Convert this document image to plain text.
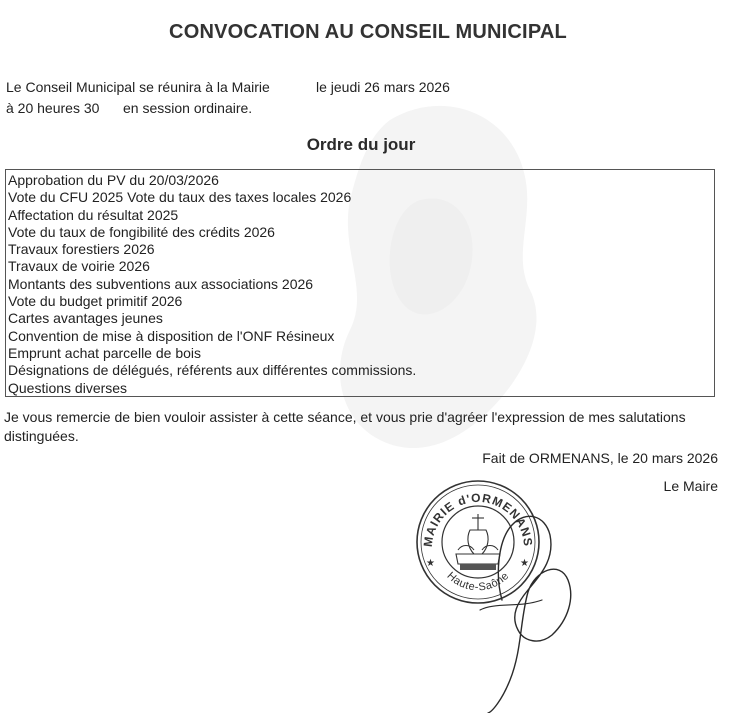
CONVOCATION AU CONSEIL MUNICIPAL
Le Conseil Municipal se réunira à la Mairie	le jeudi 26 mars 2026
à 20 heures 30 en session ordinaire.
Ordre du jour
Approbation du PV du 20/03/2026
Vote du CFU 2025 Vote du taux des taxes locales 2026
Affectation du résultat 2025
Vote du taux de fongibilité des crédits 2026
Travaux forestiers 2026
Travaux de voirie 2026
Montants des subventions aux associations 2026
Vote du budget primitif 2026
Cartes avantages jeunes
Convention de mise à disposition de l'ONF Résineux
Emprunt achat parcelle de bois
Désignations de délégués, référents aux différentes commissions.
Questions diverses
Je vous remercie de bien vouloir assister à cette séance, et vous prie d'agréer l'expression de mes salutations distinguées.
Fait de ORMENANS, le 20 mars 2026
Le Maire
MAIRIE d'ORMENANS
Haute-Saône
★	★
